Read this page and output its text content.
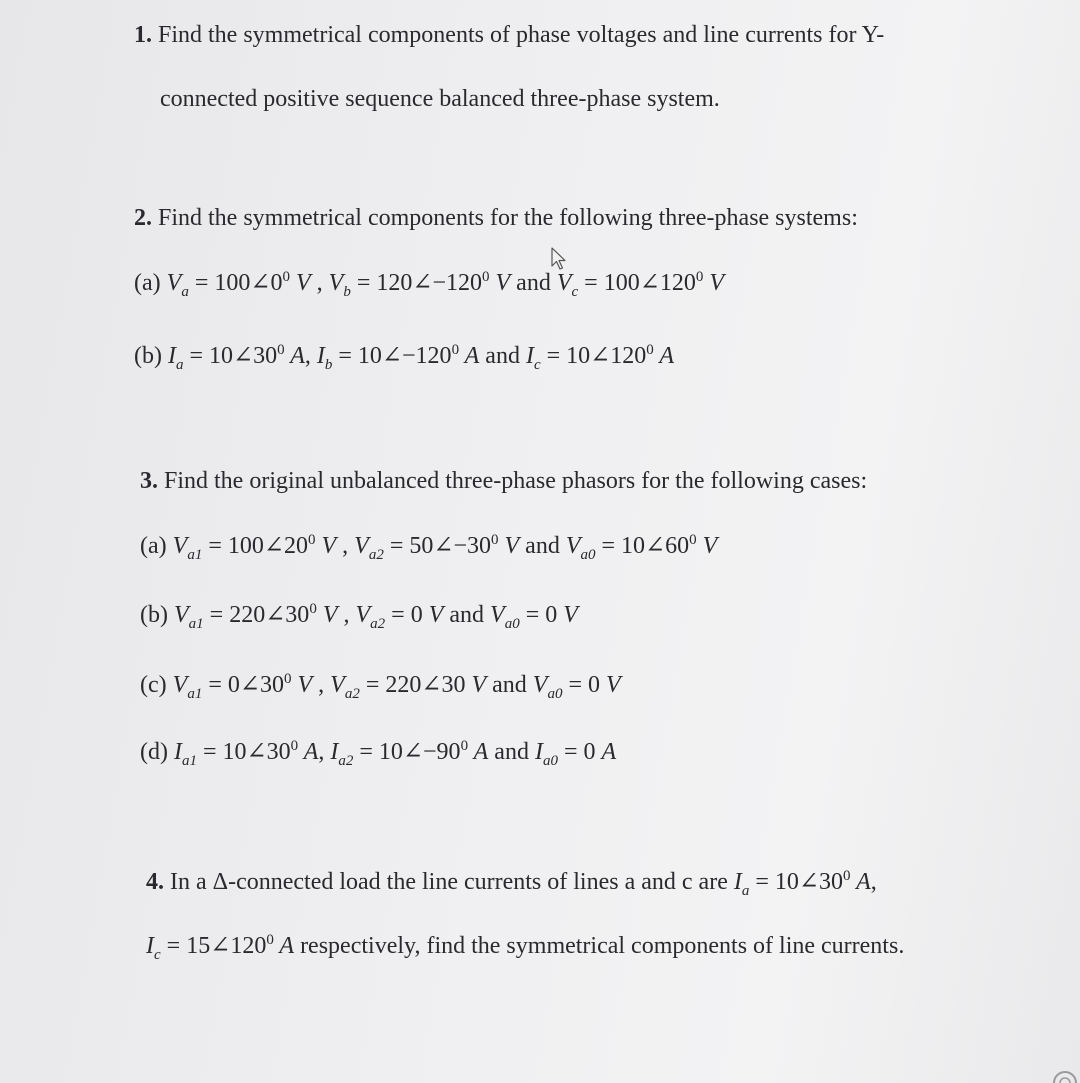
1. Find the symmetrical components of phase voltages and line currents for Y-
connected positive sequence balanced three-phase system.
2. Find the symmetrical components for the following three-phase systems:
(a) $V_a$ = $100\angle 0^0$ V , $V_b$ = $120\angle-120^0$ V and $V_c$ = $100\angle 120^0$ V
(b) $I_a$ = $10\angle 30^0$ A, $I_b$ = $10\angle-120^0$ A and $I_c$ = $10\angle 120^0$ A
3. Find the original unbalanced three-phase phasors for the following cases:
(a) $V_{a1}$ = $100\angle 20^0$ V , $V_{a2}$ = $50\angle-30^0$ V and $V_{a0}$ = $10\angle 60^0$ V
(b) $V_{a1}$ = $220\angle 30^0$ V , $V_{a2} = 0$ V and $V_{a0} = 0$ V
(c) $V_{a1}$ = $0\angle 30^0$ V , $V_{a2}$ = 220∠30 V and $V_{a0} = 0$ V
(d) $I_{a1}$ = $10\angle 30^0$ A, $I_{a2}$ = $10\angle-90^0$ A and $I_{a0} = 0$ A
4. In a Δ-connected load the line currents of lines a and c are $I_a$ = $10\angle 30^0$ A,
$I_c$ = $15\angle 120^0$ A respectively, find the symmetrical components of line currents.
